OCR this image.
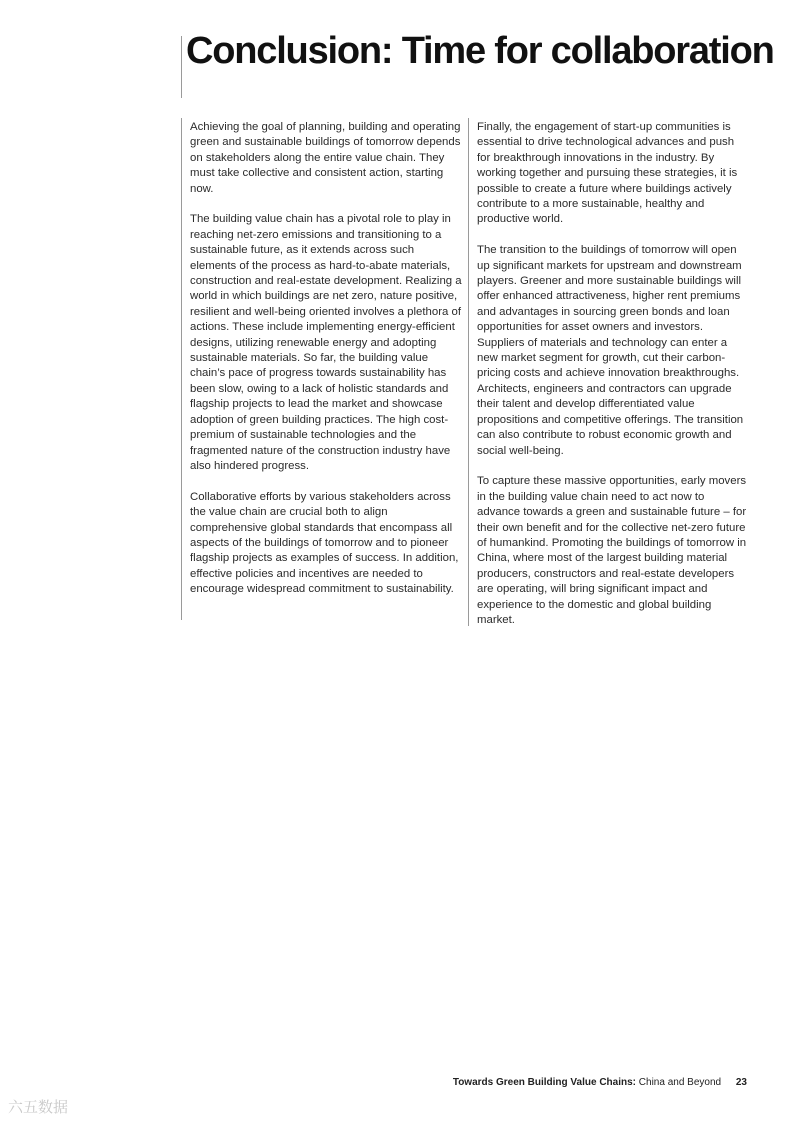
Conclusion: Time for collaboration

Achieving the goal of planning, building and operating green and sustainable buildings of tomorrow depends on stakeholders along the entire value chain. They must take collective and consistent action, starting now.

The building value chain has a pivotal role to play in reaching net-zero emissions and transitioning to a sustainable future, as it extends across such elements of the process as hard-to-abate materials, construction and real-estate development. Realizing a world in which buildings are net zero, nature positive, resilient and well-being oriented involves a plethora of actions. These include implementing energy-efficient designs, utilizing renewable energy and adopting sustainable materials. So far, the building value chain’s pace of progress towards sustainability has been slow, owing to a lack of holistic standards and flagship projects to lead the market and showcase adoption of green building practices. The high cost-premium of sustainable technologies and the fragmented nature of the construction industry have also hindered progress.

Collaborative efforts by various stakeholders across the value chain are crucial both to align comprehensive global standards that encompass all aspects of the buildings of tomorrow and to pioneer flagship projects as examples of success. In addition, effective policies and incentives are needed to encourage widespread commitment to sustainability.

Finally, the engagement of start-up communities is essential to drive technological advances and push for breakthrough innovations in the industry. By working together and pursuing these strategies, it is possible to create a future where buildings actively contribute to a more sustainable, healthy and productive world.

The transition to the buildings of tomorrow will open up significant markets for upstream and downstream players. Greener and more sustainable buildings will offer enhanced attractiveness, higher rent premiums and advantages in sourcing green bonds and loan opportunities for asset owners and investors. Suppliers of materials and technology can enter a new market segment for growth, cut their carbon-pricing costs and achieve innovation breakthroughs. Architects, engineers and contractors can upgrade their talent and develop differentiated value propositions and competitive offerings. The transition can also contribute to robust economic growth and social well-being.

To capture these massive opportunities, early movers in the building value chain need to act now to advance towards a green and sustainable future – for their own benefit and for the collective net-zero future of humankind. Promoting the buildings of tomorrow in China, where most of the largest building material producers, constructors and real-estate developers are operating, will bring significant impact and experience to the domestic and global building market.

Towards Green Building Value Chains: China and Beyond 23
六五数据
